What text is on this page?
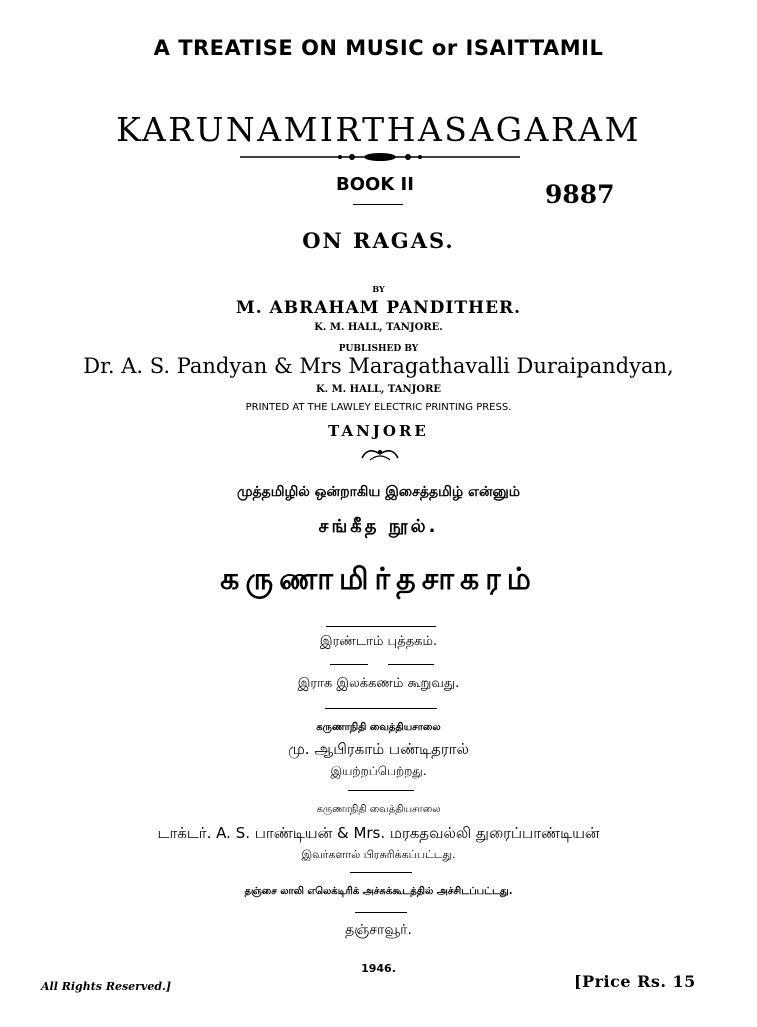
A TREATISE ON MUSIC or ISAITTAMIL
KARUNAMIRTHASAGARAM
BOOK II	9887
ON RAGAS.
BY
M. ABRAHAM PANDITHER.
K. M. HALL, TANJORE.
PUBLISHED BY
Dr. A. S. Pandyan & Mrs Maragathavalli Duraipandyan,
K. M. HALL, TANJORE
PRINTED AT THE LAWLEY ELECTRIC PRINTING PRESS.
TANJORE
முத்தமிழில் ஒன்றாகிய இசைத்தமிழ் என்னும்
சங்கீத நூல்.
கருணாமிர்தசாகரம்
இரண்டாம் புத்தகம்.
இராக இலக்கணம் கூறுவது.
கருணாநிதி வைத்தியசாலை
மு. ஆபிரகாம் பண்டிதரால்
இயற்றப்பெற்றது.
கருணாநிதி வைத்தியசாலை
டாக்டர். A. S. பாண்டியன் & Mrs. மரகதவல்லி துரைப்பாண்டியன்
இவர்களால் பிரசுரிக்கப்பட்டது.
தஞ்சை லாலி எலெக்டிரிக் அச்சுக்கூடத்தில் அச்சிடப்பட்டது.
தஞ்சாவூர்.
1946.
All Rights Reserved.]	[Price Rs. 15
